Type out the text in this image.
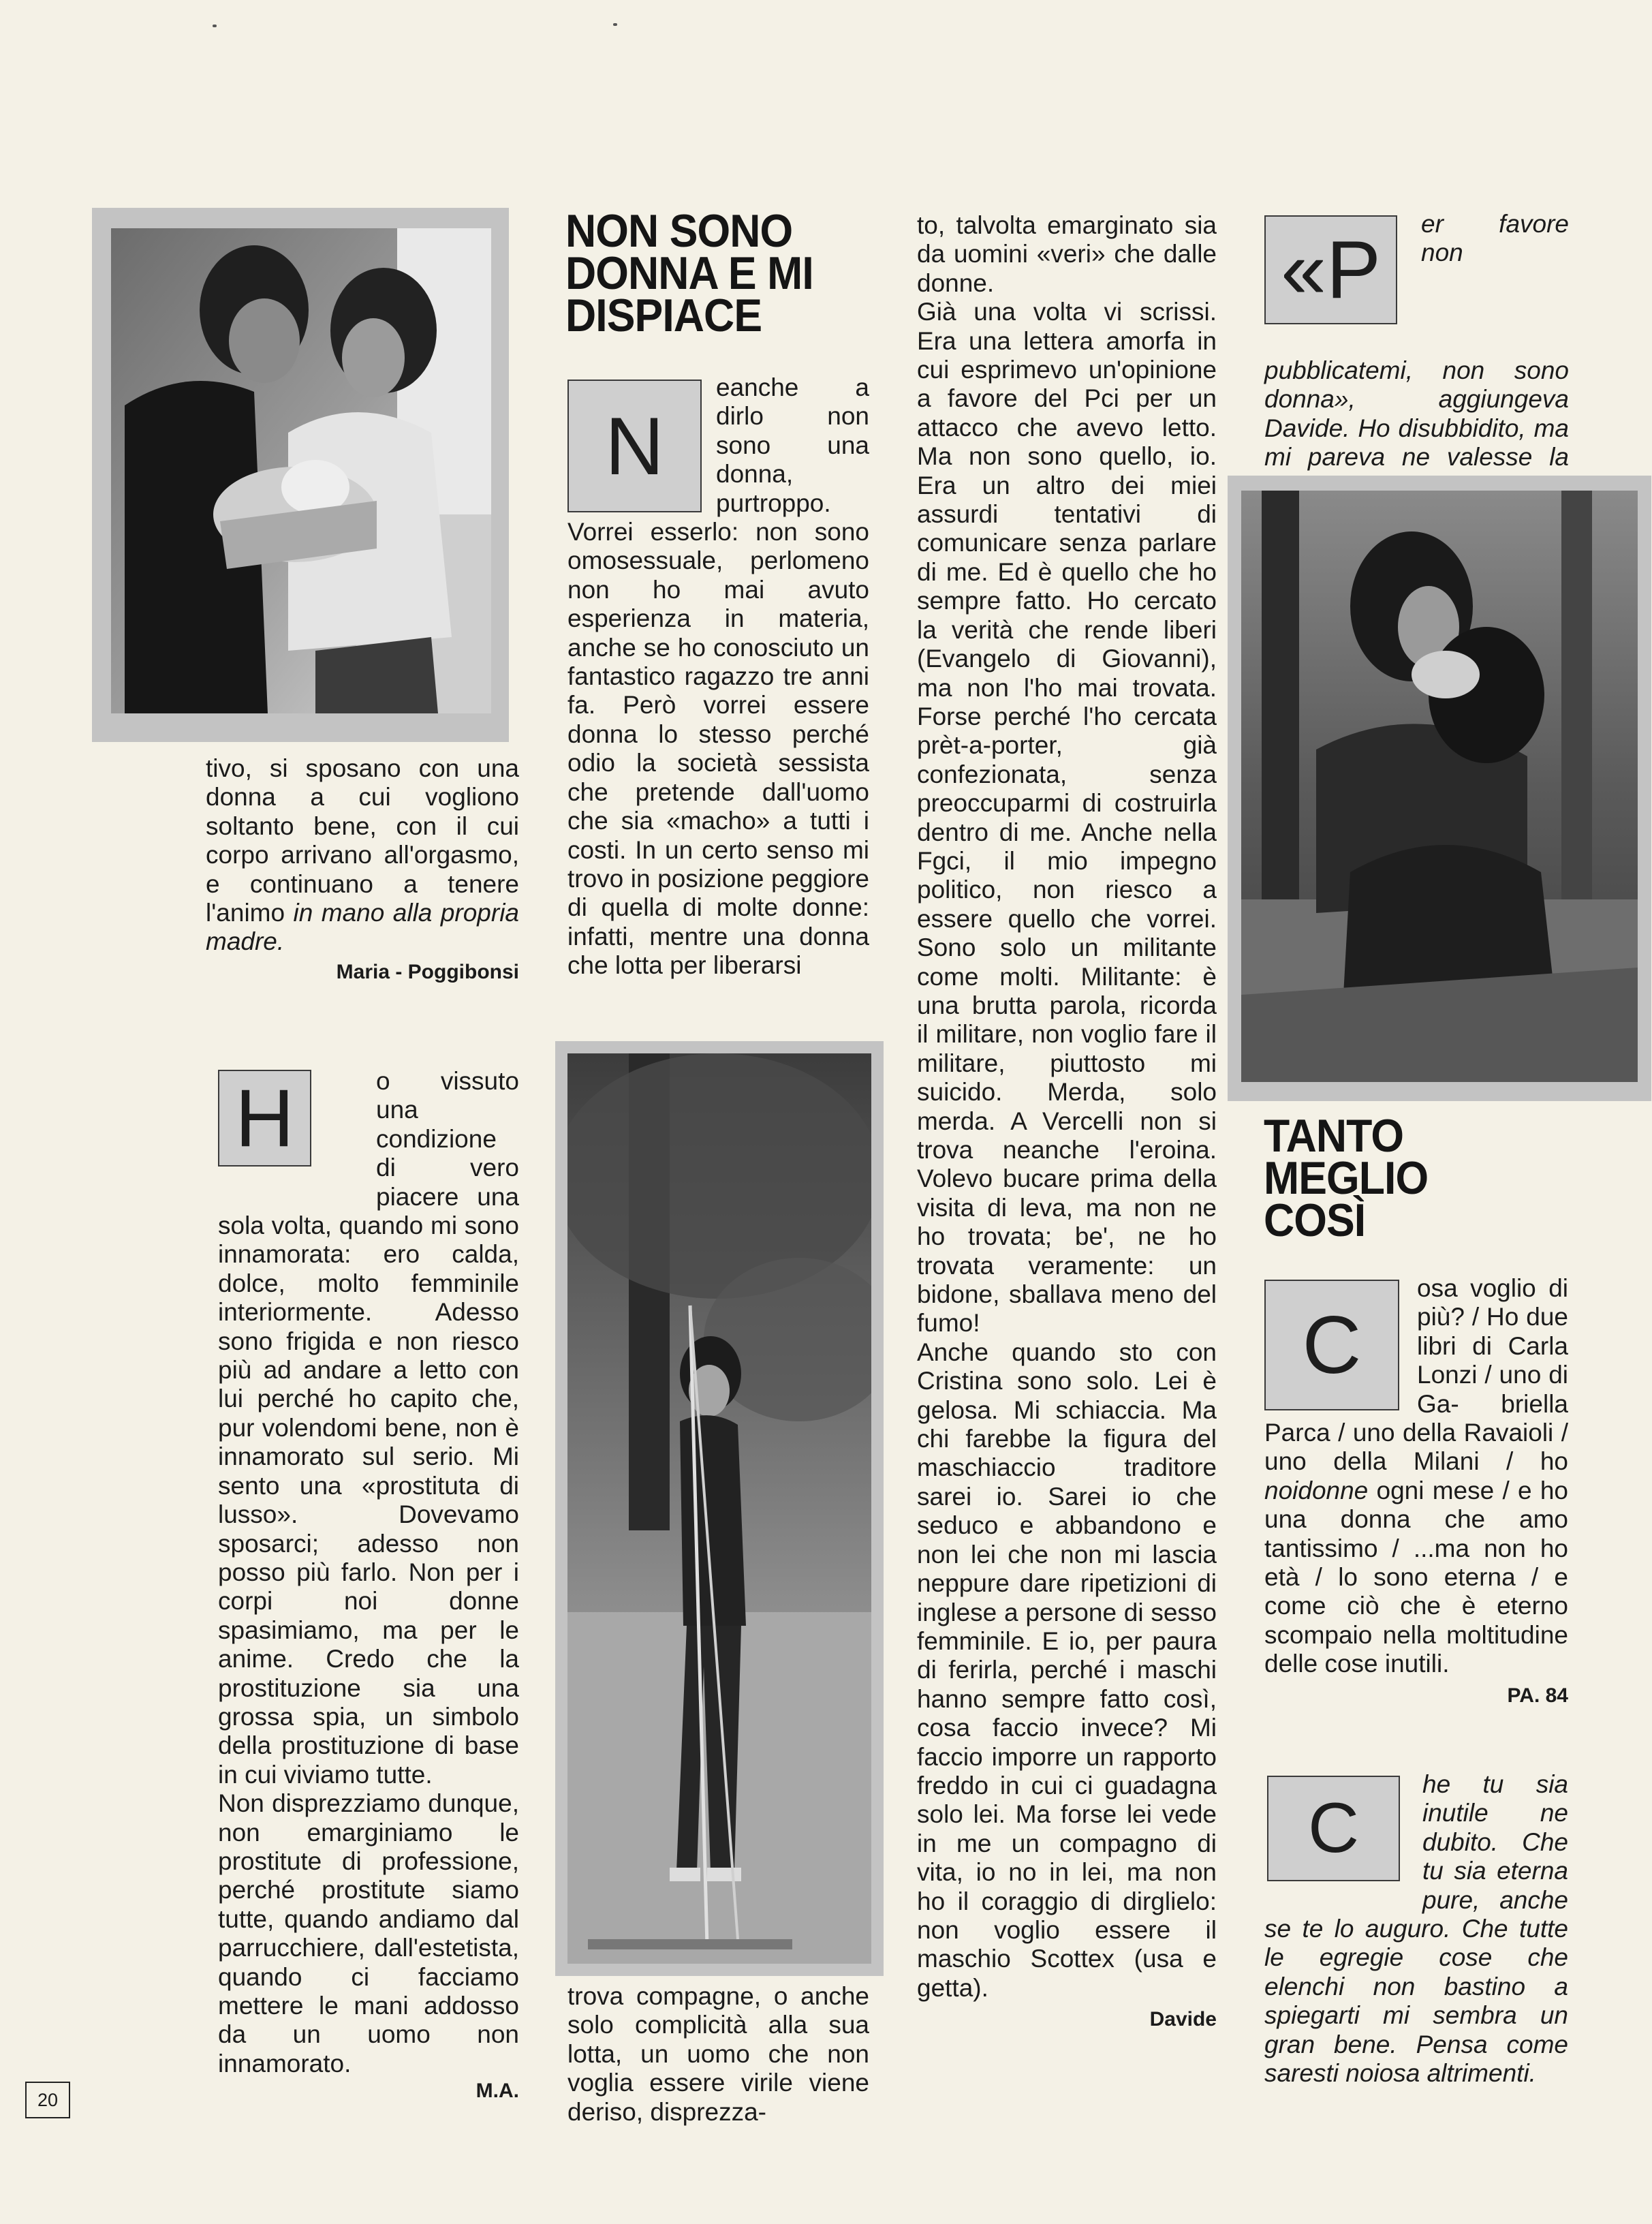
tivo, si sposano con una donna a cui vogliono soltanto bene, con il cui corpo arrivano all'orgasmo, e continuano a tenere l'animo in mano alla propria madre.

Maria - Poggibonsi
H	o vissuto una condizione di vero piacere una sola volta, quando mi sono innamorata: ero calda, dolce, molto femminile interiormente. Adesso sono frigida e non riesco più ad andare a letto con lui perché ho capito che, pur volendomi bene, non è innamorato sul serio. Mi sento una «prostituta di lusso». Dovevamo sposarci; adesso non posso più farlo. Non per i corpi noi donne spasimiamo, ma per le anime. Credo che la prostituzione sia una grossa spia, un simbolo della prostituzione di base in cui viviamo tutte.

Non disprezziamo dunque, non emarginiamo le prostitute di professione, perché prostitute siamo tutte, quando andiamo dal parrucchiere, dall'estetista, quando ci facciamo mettere le mani addosso da un uomo non innamorato.

M.A.
NON SONO DONNA E MI DISPIACE
N

eanche a dirlo non sono una donna, purtroppo. Vorrei esserlo: non sono omosessuale, perlomeno non ho mai avuto esperienza in materia, anche se ho conosciuto un fantastico ragazzo tre anni fa. Però vorrei essere donna lo stesso perché odio la società sessista che pretende dall'uomo che sia «macho» a tutti i costi. In un certo senso mi trovo in posizione peggiore di quella di molte donne: infatti, mentre una donna che lotta per liberarsi

trova compagne, o anche solo complicità alla sua lotta, un uomo che non voglia essere virile viene deriso, disprezza-

to, talvolta emarginato sia da uomini «veri» che dalle donne.

Già una volta vi scrissi. Era una lettera amorfa in cui esprimevo un'opinione a favore del Pci per un attacco che avevo letto. Ma non sono quello, io. Era un altro dei miei assurdi tentativi di comunicare senza parlare di me. Ed è quello che ho sempre fatto. Ho cercato la verità che rende liberi (Evangelo di Giovanni), ma non l'ho mai trovata. Forse perché l'ho cercata prèt-a-porter, già confezionata, senza preoccuparmi di costruirla dentro di me. Anche nella Fgci, il mio impegno politico, non riesco a essere quello che vorrei. Sono solo un militante come molti. Militante: è una brutta parola, ricorda il militare, non voglio fare il militare, piuttosto mi suicido. Merda, solo merda. A Vercelli non si trova neanche l'eroina. Volevo bucare prima della visita di leva, ma non ne ho trovata; be', ne ho trovata veramente: un bidone, sballava meno del fumo!

Anche quando sto con Cristina sono solo. Lei è gelosa. Mi schiaccia. Ma chi farebbe la figura del maschiaccio traditore sarei io. Sarei io che seduco e abbandono e non lei che non mi lascia neppure dare ripetizioni di inglese a persone di sesso femminile. E io, per paura di ferirla, perché i maschi hanno sempre fatto così, cosa faccio invece? Mi faccio imporre un rapporto freddo in cui ci guadagna solo lei. Ma forse lei vede in me un compagno di vita, io no in lei, ma non ho il coraggio di dirglielo: non voglio essere il maschio Scottex (usa e getta).

Davide
«P

er favore non pubblicatemi, non sono donna»,	aggiungeva Davide. Ho disubbidito, ma mi pareva ne valesse la

TANTO MEGLIO COSÌ
C

osa voglio di più? / Ho due libri di Carla Lonzi / uno di Ga- briella Parca / uno della Ravaioli / uno della Milani / ho noidonne ogni mese / e ho una donna che amo tantissimo / ...ma non ho età / lo sono eterna / e come ciò che è eterno scompaio nella moltitudine delle cose inutili.

PA. 84
C

he tu sia inutile ne dubito. Che tu sia eterna pure, anche se te lo auguro. Che tutte le egregie cose che elenchi non bastino a spiegarti mi sembra un gran bene. Pensa come saresti noiosa altrimenti.

20
